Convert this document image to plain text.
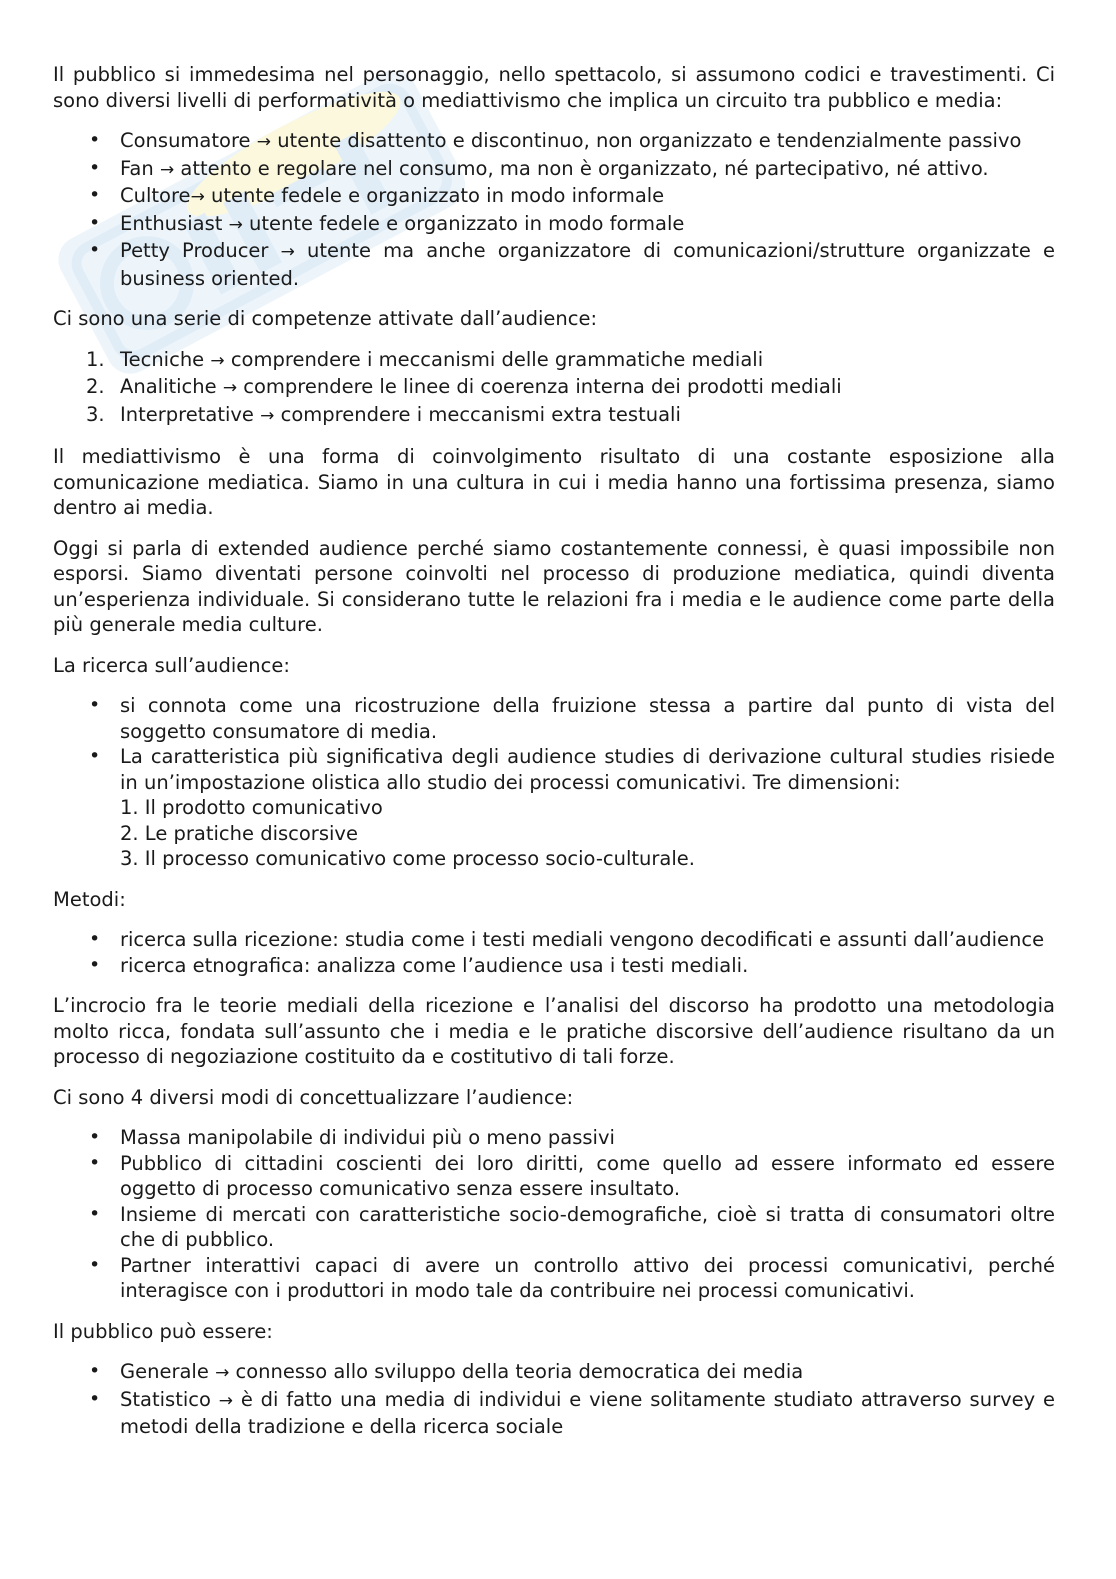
Il pubblico si immedesima nel personaggio, nello spettacolo, si assumono codici e travestimenti. Ci sono diversi livelli di performatività o mediattivismo che implica un circuito tra pubblico e media:

• Consumatore → utente disattento e discontinuo, non organizzato e tendenzialmente passivo
• Fan → attento e regolare nel consumo, ma non è organizzato, né partecipativo, né attivo.
• Cultore→ utente fedele e organizzato in modo informale
• Enthusiast → utente fedele e organizzato in modo formale
• Petty Producer → utente ma anche organizzatore di comunicazioni/strutture organizzate e business oriented.

Ci sono una serie di competenze attivate dall’audience:

1. Tecniche → comprendere i meccanismi delle grammatiche mediali
2. Analitiche → comprendere le linee di coerenza interna dei prodotti mediali
3. Interpretative → comprendere i meccanismi extra testuali

Il mediattivismo è una forma di coinvolgimento risultato di una costante esposizione alla comunicazione mediatica. Siamo in una cultura in cui i media hanno una fortissima presenza, siamo dentro ai media.

Oggi si parla di extended audience perché siamo costantemente connessi, è quasi impossibile non esporsi. Siamo diventati persone coinvolti nel processo di produzione mediatica, quindi diventa un’esperienza individuale. Si considerano tutte le relazioni fra i media e le audience come parte della più generale media culture.

La ricerca sull’audience:

• si connota come una ricostruzione della fruizione stessa a partire dal punto di vista del soggetto consumatore di media.
• La caratteristica più significativa degli audience studies di derivazione cultural studies risiede in un’impostazione olistica allo studio dei processi comunicativi. Tre dimensioni:
1. Il prodotto comunicativo
2. Le pratiche discorsive
3. Il processo comunicativo come processo socio-culturale.

Metodi:

• ricerca sulla ricezione: studia come i testi mediali vengono decodificati e assunti dall’audience
• ricerca etnografica: analizza come l’audience usa i testi mediali.

L’incrocio fra le teorie mediali della ricezione e l’analisi del discorso ha prodotto una metodologia molto ricca, fondata sull’assunto che i media e le pratiche discorsive dell’audience risultano da un processo di negoziazione costituito da e costitutivo di tali forze.

Ci sono 4 diversi modi di concettualizzare l’audience:

• Massa manipolabile di individui più o meno passivi
• Pubblico di cittadini coscienti dei loro diritti, come quello ad essere informato ed essere oggetto di processo comunicativo senza essere insultato.
• Insieme di mercati con caratteristiche socio-demografiche, cioè si tratta di consumatori oltre che di pubblico.
• Partner interattivi capaci di avere un controllo attivo dei processi comunicativi, perché interagisce con i produttori in modo tale da contribuire nei processi comunicativi.

Il pubblico può essere:

• Generale → connesso allo sviluppo della teoria democratica dei media
• Statistico → è di fatto una media di individui e viene solitamente studiato attraverso survey e metodi della tradizione e della ricerca sociale
